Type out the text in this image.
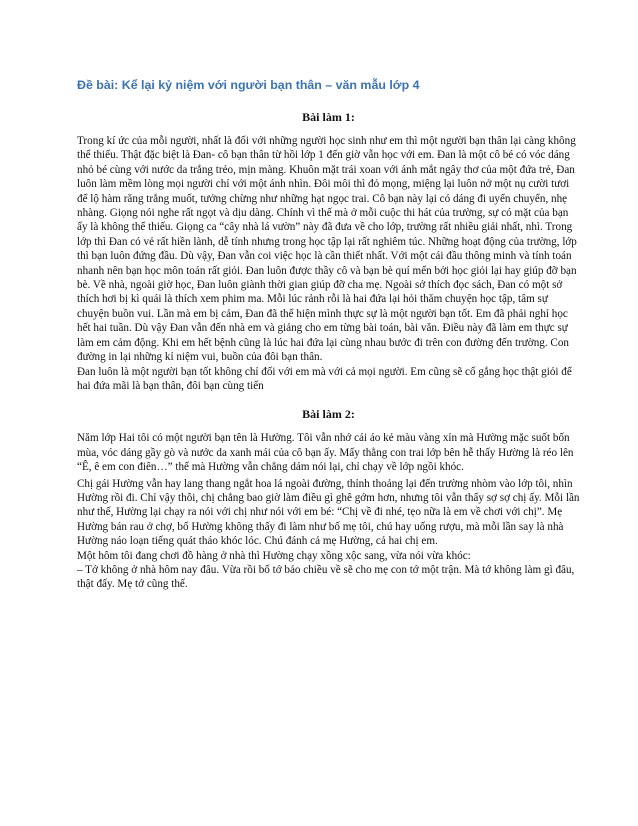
Đề bài: Kể lại kỷ niệm với người bạn thân – văn mẫu lớp 4
Bài làm 1:

Trong kí ức của mỗi người, nhất là đối với những người học sinh như em thì một người bạn thân lại càng không thể thiếu. Thật đặc biệt là Đan- cô bạn thân từ hồi lớp 1 đến giờ vẫn học với em. Đan là một cô bé có vóc dáng nhỏ bé cùng với nước da trắng trẻo, mịn màng. Khuôn mặt trái xoan với ánh mắt ngây thơ của một đứa trẻ, Đan luôn làm mềm lòng mọi người chỉ với một ánh nhìn. Đôi môi thì đỏ mọng, miệng lại luôn nở một nụ cười tươi để lộ hàm răng trắng muốt, tưởng chừng như những hạt ngọc trai. Cô bạn này lại có dáng đi uyển chuyển, nhẹ nhàng. Giọng nói nghe rất ngọt và dịu dàng. Chính vì thế mà ở mỗi cuộc thi hát của trường, sự có mặt của bạn ấy là không thể thiếu. Giọng ca “cây nhà lá vườn” này đã đưa về cho lớp, trường rất nhiều giải nhất, nhì. Trong lớp thì Đan có vẻ rất hiền lành, dễ tính nhưng trong học tập lại rất nghiêm túc. Những hoạt động của trường, lớp thì bạn luôn đứng đầu. Dù vậy, Đan vẫn coi việc học là cần thiết nhất. Với một cái đầu thông minh và tính toán nhanh nên bạn học môn toán rất giỏi. Đan luôn được thầy cô và bạn bè quí mến bởi học giỏi lại hay giúp đỡ bạn bè. Về nhà, ngoài giờ học, Đan luôn giành thời gian giúp đỡ cha mẹ. Ngoài sở thích đọc sách, Đan có một sở thích hơi bị kì quái là thích xem phim ma. Mỗi lúc rảnh rỗi là hai đứa lại hỏi thăm chuyện học tập, tâm sự chuyện buồn vui. Lần mà em bị cảm, Đan đã thể hiện mình thực sự là một người bạn tốt. Em đã phải nghỉ học hết hai tuần. Dù vậy Đan vẫn đến nhà em và giảng cho em từng bài toán, bài văn. Điều này đã làm em thực sự làm em cảm động. Khi em hết bệnh cũng là lúc hai đứa lại cùng nhau bước đi trên con đường đến trường. Con đường in lại những kỉ niệm vui, buồn của đôi bạn thân.

Đan luôn là một người bạn tốt không chỉ đối với em mà với cả mọi người. Em cũng sẽ cố gắng học thật giỏi để hai đứa mãi là bạn thân, đôi bạn cùng tiến

Bài làm 2:

Năm lớp Hai tôi có một người bạn tên là Hường. Tôi vẫn nhớ cái áo kẻ màu vàng xỉn mà Hường mặc suốt bốn mùa, vóc dáng gầy gò và nước da xanh mái của cô bạn ấy. Mấy thằng con trai lớp bên hễ thấy Hường là réo lên “Ê, ê em con điên…” thế mà Hường vẫn chẳng dám nói lại, chỉ chạy về lớp ngồi khóc.

Chị gái Hường vẫn hay lang thang ngắt hoa lá ngoài đường, thỉnh thoảng lại đến trường nhòm vào lớp tôi, nhìn Hường rồi đi. Chỉ vậy thôi, chị chẳng bao giờ làm điều gì ghê gớm hơn, nhưng tôi vẫn thấy sợ sợ chị ấy. Mỗi lần như thế, Hường lại chạy ra nói với chị như nói với em bé: “Chị về đi nhé, tẹo nữa là em về chơi với chị”. Mẹ Hường bán rau ở chợ, bố Hường không thấy đi làm như bố mẹ tôi, chú hay uống rượu, mà mỗi lần say là nhà Hường náo loạn tiếng quát tháo khóc lóc. Chú đánh cả mẹ Hường, cả hai chị em.

Một hôm tôi đang chơi đồ hàng ở nhà thì Hường chạy xồng xộc sang, vừa nói vừa khóc:

– Tớ không ở nhà hôm nay đâu. Vừa rồi bố tớ bảo chiều về sẽ cho mẹ con tớ một trận. Mà tớ không làm gì đâu, thật đấy. Mẹ tớ cũng thế.
